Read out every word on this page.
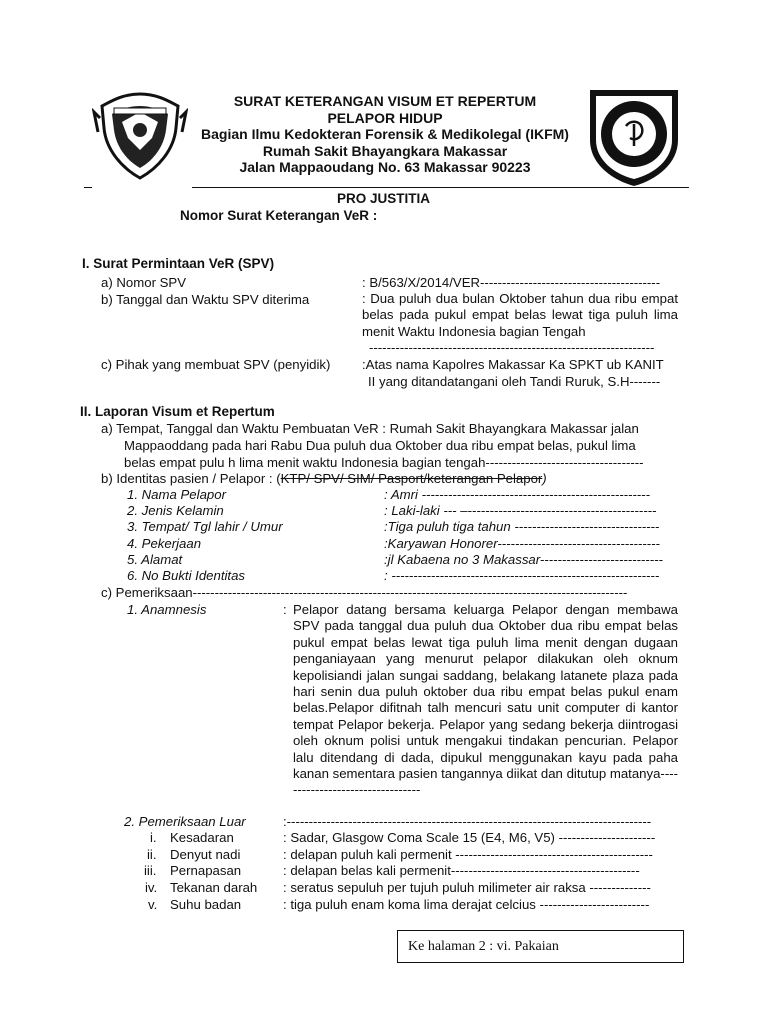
SURAT KETERANGAN VISUM ET REPERTUM
PELAPOR HIDUP
Bagian Ilmu Kedokteran Forensik & Medikolegal (IKFM)
Rumah Sakit Bhayangkara Makassar
Jalan Mappaoudang No. 63 Makassar 90223
PRO JUSTITIA
Nomor Surat Keterangan VeR :
I. Surat Permintaan VeR (SPV)
a) Nomor SPV	: B/563/X/2014/VER-----------------------------------------
b) Tanggal dan Waktu SPV diterima	: Dua puluh dua bulan Oktober tahun dua ribu empat belas pada pukul empat belas lewat tiga puluh lima menit Waktu Indonesia bagian Tengah
-----------------------------------------------------------------
c) Pihak yang membuat SPV (penyidik) :Atas nama Kapolres Makassar Ka SPKT ub KANIT
II yang ditandatangani oleh Tandi Ruruk, S.H-------
II. Laporan Visum et Repertum
a) Tempat, Tanggal dan Waktu Pembuatan VeR : Rumah Sakit Bhayangkara Makassar jalan
Mappaoddang pada hari Rabu Dua puluh dua Oktober dua ribu empat belas, pukul lima
belas empat pulu h lima menit waktu Indonesia bagian tengah------------------------------------
b) Identitas pasien / Pelapor : (KTP/ SPV/ SIM/ Pasport/keterangan Pelapor)
1. Nama Pelapor	: Amri ----------------------------------------------------
2. Jenis Kelamin	: Laki-laki --- –-------------------------------------------
3. Tempat/ Tgl lahir / Umur	:Tiga puluh tiga tahun ---------------------------------
4. Pekerjaan	:Karyawan Honorer-------------------------------------
5. Alamat	:jl Kabaena no 3 Makassar----------------------------
6. No Bukti Identitas	: -------------------------------------------------------------
c) Pemeriksaan---------------------------------------------------------------------------------------------------
1. Anamnesis	: Pelapor datang bersama keluarga Pelapor dengan membawa SPV pada tanggal dua puluh dua Oktober dua ribu empat belas pukul empat belas lewat tiga puluh lima menit dengan dugaan penganiayaan yang menurut pelapor dilakukan oleh oknum kepolisiandi jalan sungai saddang, belakang latanete plaza pada hari senin dua puluh oktober dua ribu empat belas pukul enam belas.Pelapor difitnah talh mencuri satu unit computer di kantor tempat Pelapor bekerja. Pelapor yang sedang bekerja diintrogasi oleh oknum polisi untuk mengakui tindakan pencurian. Pelapor lalu ditendang di dada, dipukul menggunakan kayu pada paha kanan sementara pasien tangannya diikat dan ditutup matanya---------------------------------
2. Pemeriksaan Luar	:-----------------------------------------------------------------------------------
i. Kesadaran	: Sadar, Glasgow Coma Scale 15 (E4, M6, V5) ----------------------
ii. Denyut nadi	: delapan puluh kali permenit ---------------------------------------------
iii. Pernapasan	: delapan belas kali permenit-------------------------------------------
iv. Tekanan darah : seratus sepuluh per tujuh puluh milimeter air raksa --------------
v. Suhu badan	: tiga puluh enam koma lima derajat celcius -------------------------
Ke halaman 2 : vi. Pakaian
